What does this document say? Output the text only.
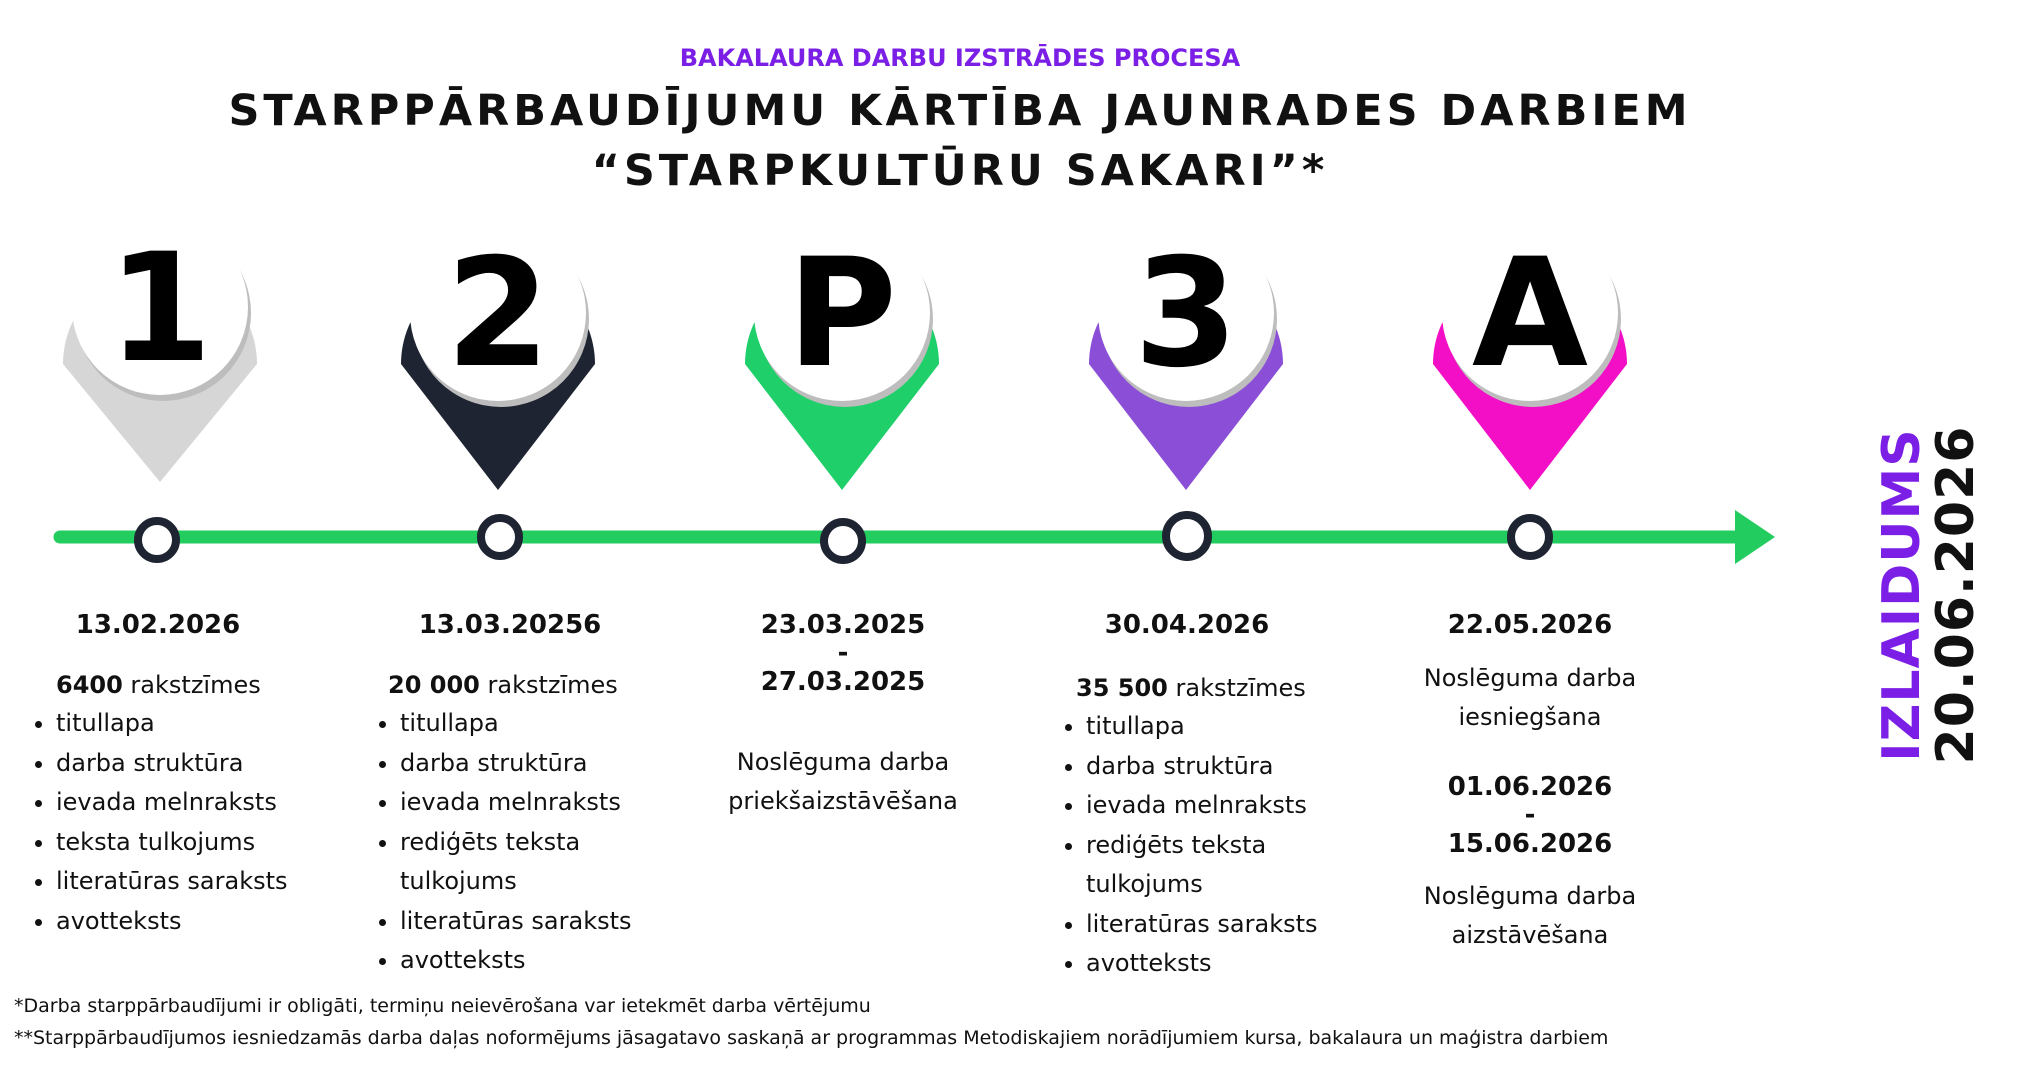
BAKALAURA DARBU IZSTRĀDES PROCESA
STARPPĀRBAUDĪJUMU KĀRTĪBA JAUNRADES DARBIEM
“STARPKULTŪRU SAKARI”*
1 2 P 3 A
13.02.2026
6400 rakstzīmes
• titullapa
• darba struktūra
• ievada melnraksts
• teksta tulkojums
• literatūras saraksts
• avotteksts
13.03.20256
20 000 rakstzīmes
• titullapa
• darba struktūra
• ievada melnraksts
• rediģēts teksta
tulkojums
• literatūras saraksts
• avotteksts
23.03.2025
-
27.03.2025
Noslēguma darba
priekšaizstāvēšana
30.04.2026
35 500 rakstzīmes
• titullapa
• darba struktūra
• ievada melnraksts
• rediģēts teksta
tulkojums
• literatūras saraksts
• avotteksts
22.05.2026
Noslēguma darba
iesniegšana
01.06.2026
-
15.06.2026
Noslēguma darba
aizstāvēšana
IZLAIDUMS
20.06.2026
*Darba starppārbaudījumi ir obligāti, termiņu neievērošana var ietekmēt darba vērtējumu
**Starppārbaudījumos iesniedzamās darba daļas noformējums jāsagatavo saskaņā ar programmas Metodiskajiem norādījumiem kursa, bakalaura un maģistra darbiem
